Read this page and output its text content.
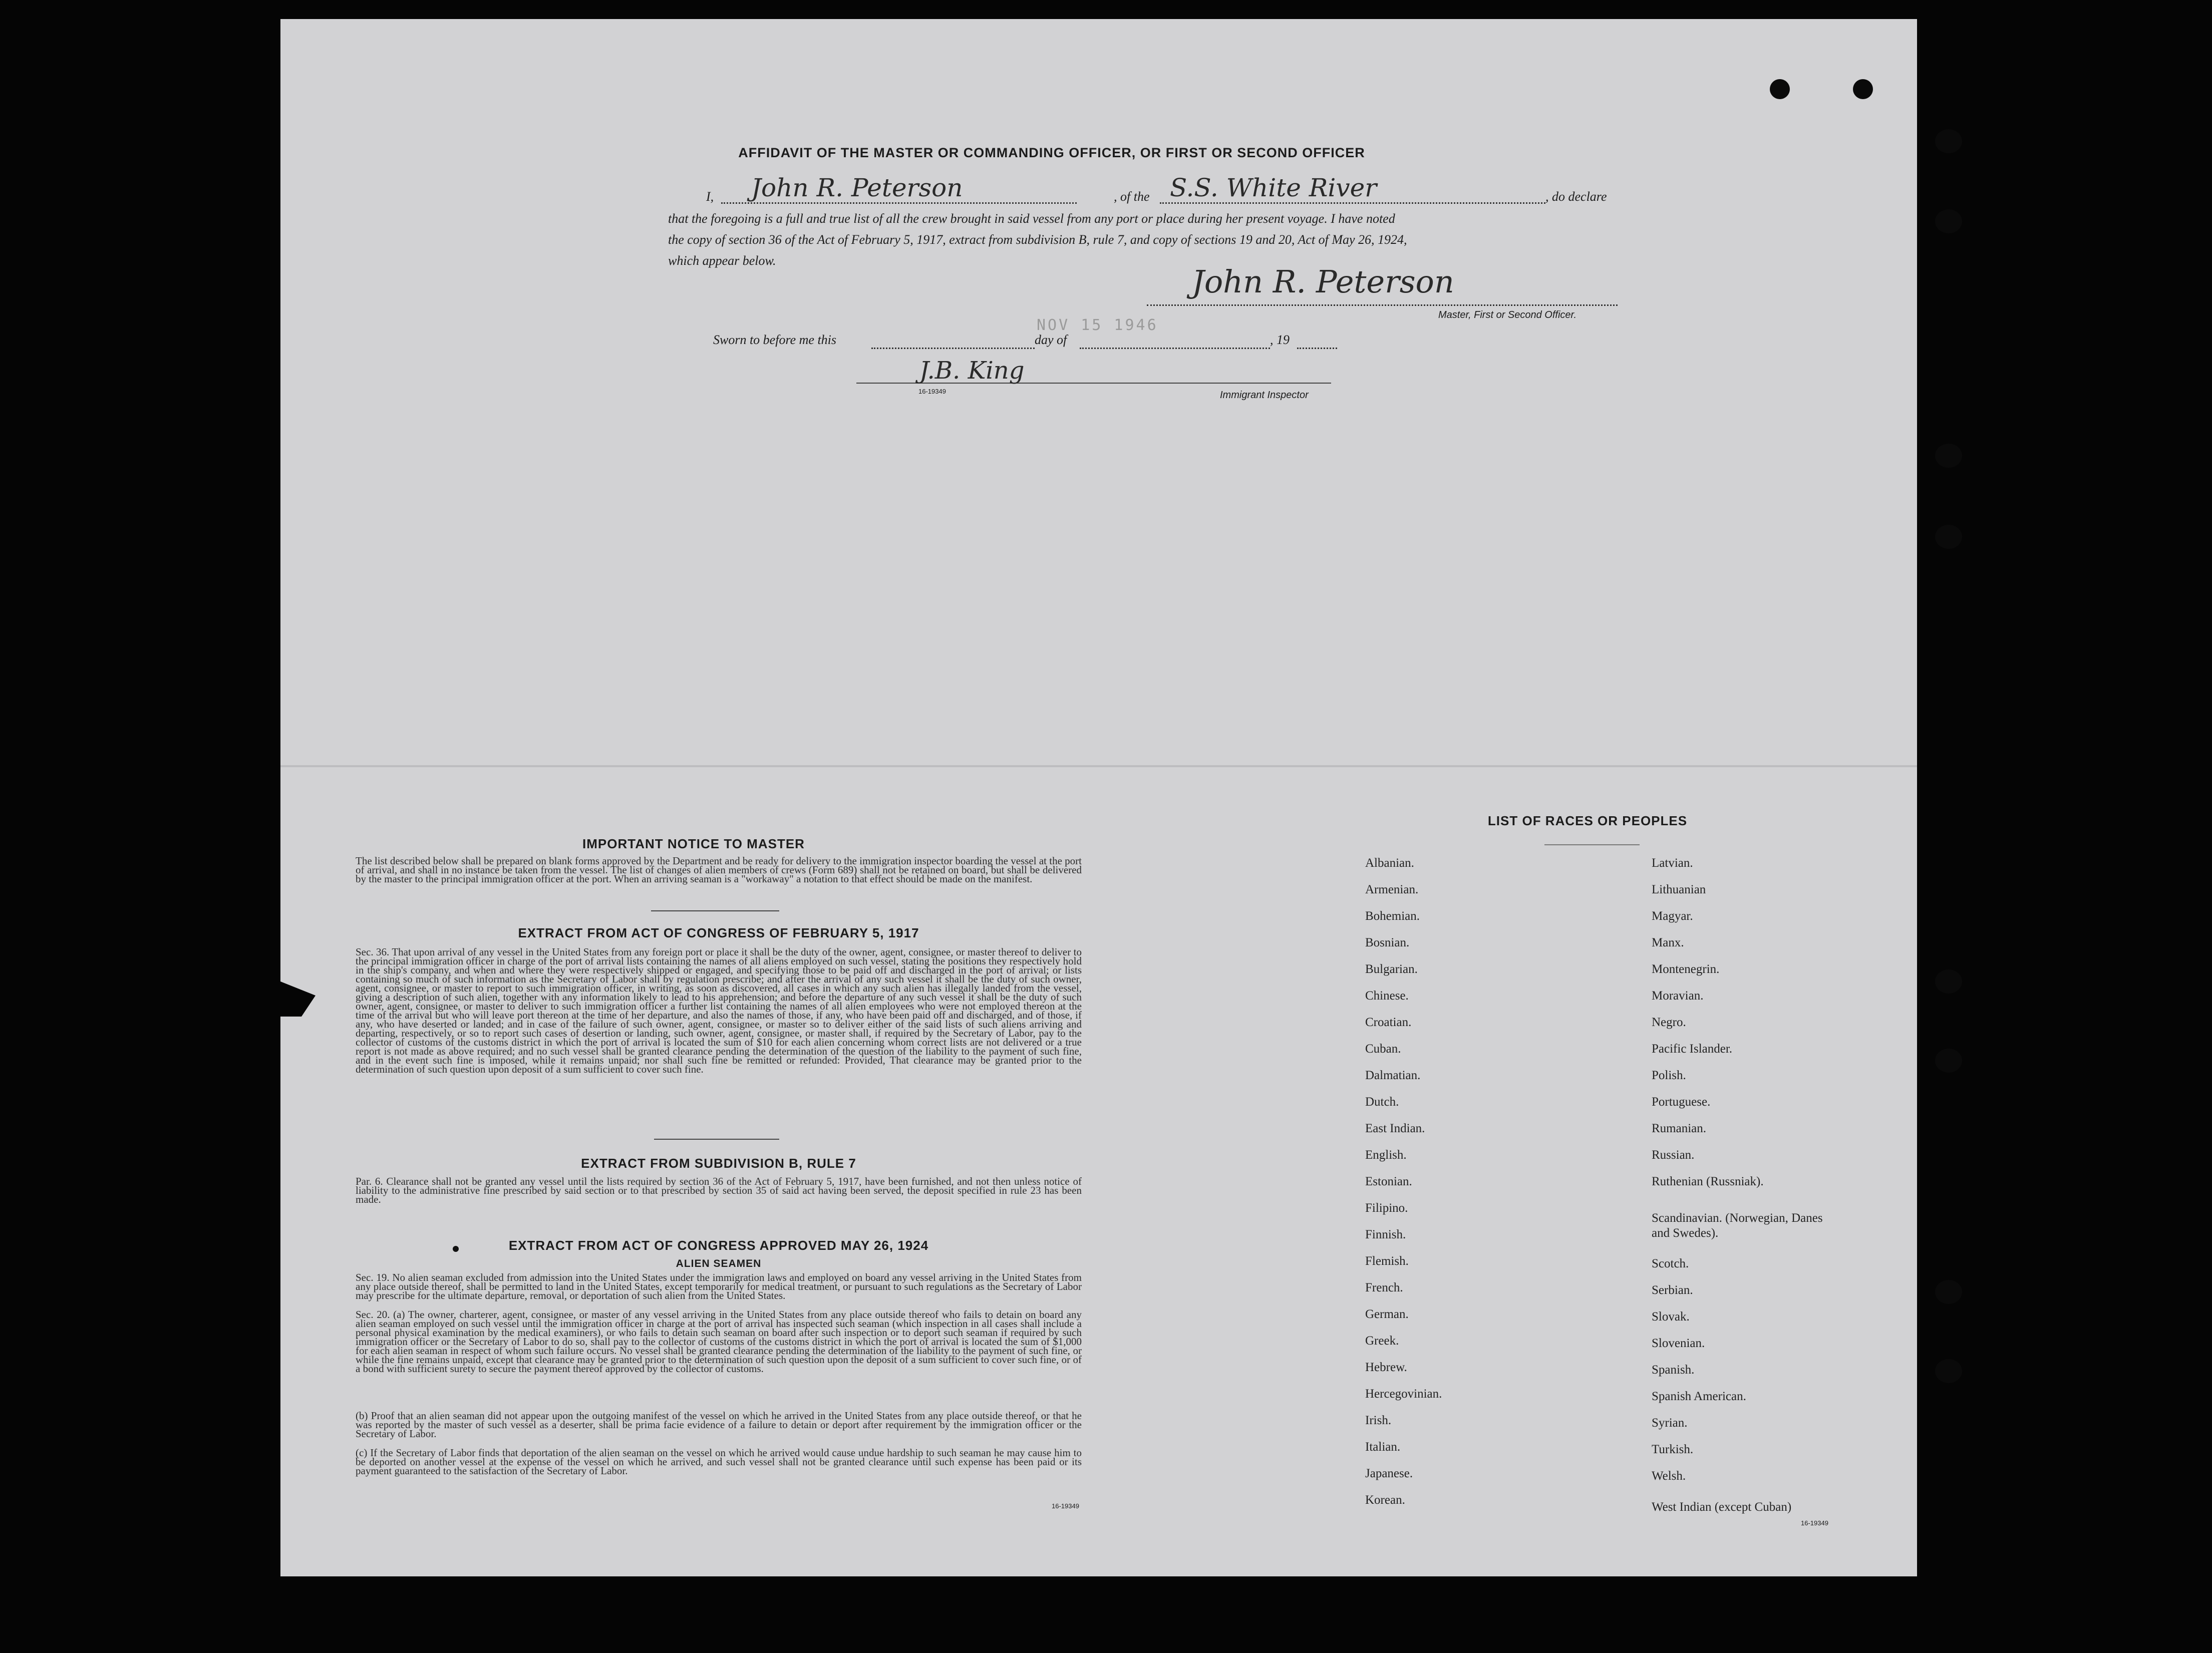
AFFIDAVIT OF THE MASTER OR COMMANDING OFFICER, OR FIRST OR SECOND OFFICER
I, John R. Peterson	, of the S.S. White River	, do declare
that the foregoing is a full and true list of all the crew brought in said vessel from any port or place during her present voyage. I have noted
the copy of section 36 of the Act of February 5, 1917, extract from subdivision B, rule 7, and copy of sections 19 and 20, Act of May 26, 1924,
which appear below.
John R. Peterson
Master, First or Second Officer.
Sworn to before me this
NOV 15 1946
day of	, 19
J.B. King
16-19349	Immigrant Inspector
IMPORTANT NOTICE TO MASTER
The list described below shall be prepared on blank forms approved by the Department and be ready for delivery to the immigration inspector boarding the vessel at the port of arrival, and shall in no instance be taken from the vessel. The list of changes of alien members of crews (Form 689) shall not be retained on board, but shall be delivered by the master to the principal immigration officer at the port. When an arriving seaman is a "workaway" a notation to that effect should be made on the manifest.
EXTRACT FROM ACT OF CONGRESS OF FEBRUARY 5, 1917
Sec. 36. That upon arrival of any vessel in the United States from any foreign port or place it shall be the duty of the owner, agent, consignee, or master thereof to deliver to the principal immigration officer in charge of the port of arrival lists containing the names of all aliens employed on such vessel, stating the positions they respectively hold in the ship's company, and when and where they were respectively shipped or engaged, and specifying those to be paid off and discharged in the port of arrival; or lists containing so much of such information as the Secretary of Labor shall by regulation prescribe; and after the arrival of any such vessel it shall be the duty of such owner, agent, consignee, or master to report to such immigration officer, in writing, as soon as discovered, all cases in which any such alien has illegally landed from the vessel, giving a description of such alien, together with any information likely to lead to his apprehension; and before the departure of any such vessel it shall be the duty of such owner, agent, consignee, or master to deliver to such immigration officer a further list containing the names of all alien employees who were not employed thereon at the time of the arrival but who will leave port thereon at the time of her departure, and also the names of those, if any, who have been paid off and discharged, and of those, if any, who have deserted or landed; and in case of the failure of such owner, agent, consignee, or master so to deliver either of the said lists of such aliens arriving and departing, respectively, or so to report such cases of desertion or landing, such owner, agent, consignee, or master shall, if required by the Secretary of Labor, pay to the collector of customs of the customs district in which the port of arrival is located the sum of $10 for each alien concerning whom correct lists are not delivered or a true report is not made as above required; and no such vessel shall be granted clearance pending the determination of the question of the liability to the payment of such fine, and in the event such fine is imposed, while it remains unpaid; nor shall such fine be remitted or refunded: Provided, That clearance may be granted prior to the determination of such question upon deposit of a sum sufficient to cover such fine.
EXTRACT FROM SUBDIVISION B, RULE 7
Par. 6. Clearance shall not be granted any vessel until the lists required by section 36 of the Act of February 5, 1917, have been furnished, and not then unless notice of liability to the administrative fine prescribed by said section or to that prescribed by section 35 of said act having been served, the deposit specified in rule 23 has been made.
EXTRACT FROM ACT OF CONGRESS APPROVED MAY 26, 1924
ALIEN SEAMEN
Sec. 19. No alien seaman excluded from admission into the United States under the immigration laws and employed on board any vessel arriving in the United States from any place outside thereof, shall be permitted to land in the United States, except temporarily for medical treatment, or pursuant to such regulations as the Secretary of Labor may prescribe for the ultimate departure, removal, or deportation of such alien from the United States.
Sec. 20. (a) The owner, charterer, agent, consignee, or master of any vessel arriving in the United States from any place outside thereof who fails to detain on board any alien seaman employed on such vessel until the immigration officer in charge at the port of arrival has inspected such seaman (which inspection in all cases shall include a personal physical examination by the medical examiners), or who fails to detain such seaman on board after such inspection or to deport such seaman if required by such immigration officer or the Secretary of Labor to do so, shall pay to the collector of customs of the customs district in which the port of arrival is located the sum of $1,000 for each alien seaman in respect of whom such failure occurs. No vessel shall be granted clearance pending the determination of the liability to the payment of such fine, or while the fine remains unpaid, except that clearance may be granted prior to the determination of such question upon the deposit of a sum sufficient to cover such fine, or of a bond with sufficient surety to secure the payment thereof approved by the collector of customs.
(b) Proof that an alien seaman did not appear upon the outgoing manifest of the vessel on which he arrived in the United States from any place outside thereof, or that he was reported by the master of such vessel as a deserter, shall be prima facie evidence of a failure to detain or deport after requirement by the immigration officer or the Secretary of Labor.
(c) If the Secretary of Labor finds that deportation of the alien seaman on the vessel on which he arrived would cause undue hardship to such seaman he may cause him to be deported on another vessel at the expense of the vessel on which he arrived, and such vessel shall not be granted clearance until such expense has been paid or its payment guaranteed to the satisfaction of the Secretary of Labor.
16-19349
LIST OF RACES OR PEOPLES
Albanian.
Armenian.
Bohemian.
Bosnian.
Bulgarian.
Chinese.
Croatian.
Cuban.
Dalmatian.
Dutch.
East Indian.
English.
Estonian.
Filipino.
Finnish.
Flemish.
French.
German.
Greek.
Hebrew.
Hercegovinian.
Irish.
Italian.
Japanese.
Korean.
Latvian.
Lithuanian
Magyar.
Manx.
Montenegrin.
Moravian.
Negro.
Pacific Islander.
Polish.
Portuguese.
Rumanian.
Russian.
Ruthenian (Russniak).
Scandinavian. (Norwegian, Danes and Swedes).
Scotch.
Serbian.
Slovak.
Slovenian.
Spanish.
Spanish American.
Syrian.
Turkish.
Welsh.
West Indian (except Cuban)
16-19349
